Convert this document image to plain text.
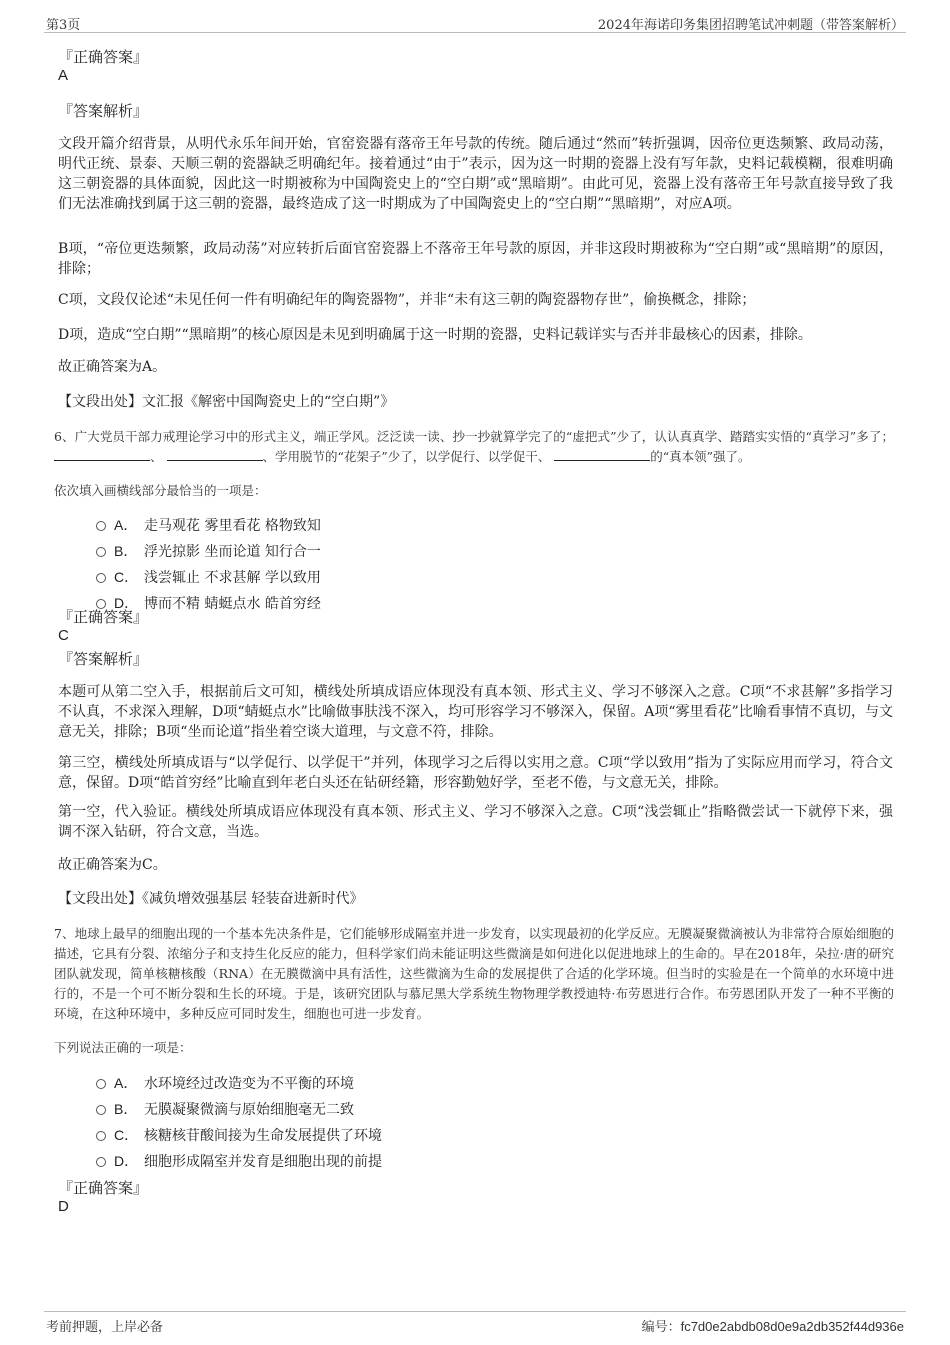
第3页	2024年海诺印务集团招聘笔试冲刺题（带答案解析）
『正确答案』
A
『答案解析』
文段开篇介绍背景，从明代永乐年间开始，官窑瓷器有落帝王年号款的传统。随后通过“然而”转折强调，因帝位更迭频繁、政局动荡，明代正统、景泰、天顺三朝的瓷器缺乏明确纪年。接着通过“由于”表示，因为这一时期的瓷器上没有写年款，史料记载模糊，很难明确这三朝瓷器的具体面貌，因此这一时期被称为中国陶瓷史上的“空白期”或“黑暗期”。由此可见，瓷器上没有落帝王年号款直接导致了我们无法准确找到属于这三朝的瓷器，最终造成了这一时期成为了中国陶瓷史上的“空白期”“黑暗期”，对应A项。
B项，“帝位更迭频繁，政局动荡”对应转折后面官窑瓷器上不落帝王年号款的原因，并非这段时期被称为“空白期”或“黑暗期”的原因，排除；
C项，文段仅论述“未见任何一件有明确纪年的陶瓷器物”，并非“未有这三朝的陶瓷器物存世”，偷换概念，排除；
D项，造成“空白期”“黑暗期”的核心原因是未见到明确属于这一时期的瓷器，史料记载详实与否并非最核心的因素，排除。
故正确答案为A。
【文段出处】文汇报《解密中国陶瓷史上的“空白期”》
6、广大党员干部力戒理论学习中的形式主义，端正学风。泛泛读一读、抄一抄就算学完了的“虚把式”少了，认认真真学、踏踏实实悟的“真学习”多了； 、	、学用脱节的“花架子”少了，以学促行、以学促干、	的“真本领”强了。
依次填入画横线部分最恰当的一项是：
A． 走马观花 雾里看花 格物致知
B． 浮光掠影 坐而论道 知行合一
C． 浅尝辄止 不求甚解 学以致用
D． 博而不精 蜻蜓点水 皓首穷经
『正确答案』
C
『答案解析』
本题可从第二空入手，根据前后文可知，横线处所填成语应体现没有真本领、形式主义、学习不够深入之意。C项“不求甚解”多指学习不认真，不求深入理解，D项“蜻蜓点水”比喻做事肤浅不深入，均可形容学习不够深入，保留。A项“雾里看花”比喻看事情不真切，与文意无关，排除；B项“坐而论道”指坐着空谈大道理，与文意不符，排除。
第三空，横线处所填成语与“以学促行、以学促干”并列，体现学习之后得以实用之意。C项“学以致用”指为了实际应用而学习，符合文意，保留。D项“皓首穷经”比喻直到年老白头还在钻研经籍，形容勤勉好学，至老不倦，与文意无关，排除。
第一空，代入验证。横线处所填成语应体现没有真本领、形式主义、学习不够深入之意。C项“浅尝辄止”指略微尝试一下就停下来，强调不深入钻研，符合文意，当选。
故正确答案为C。
【文段出处】《减负增效强基层 轻装奋进新时代》
7、地球上最早的细胞出现的一个基本先决条件是，它们能够形成隔室并进一步发育，以实现最初的化学反应。无膜凝聚微滴被认为非常符合原始细胞的描述，它具有分裂、浓缩分子和支持生化反应的能力，但科学家们尚未能证明这些微滴是如何进化以促进地球上的生命的。早在2018年，朵拉·唐的研究团队就发现，简单核糖核酸（RNA）在无膜微滴中具有活性，这些微滴为生命的发展提供了合适的化学环境。但当时的实验是在一个简单的水环境中进行的，不是一个可不断分裂和生长的环境。于是，该研究团队与慕尼黑大学系统生物物理学教授迪特·布劳恩进行合作。布劳恩团队开发了一种不平衡的环境，在这种环境中，多种反应可同时发生，细胞也可进一步发育。
下列说法正确的一项是：
A． 水环境经过改造变为不平衡的环境
B． 无膜凝聚微滴与原始细胞毫无二致
C． 核糖核苷酸间接为生命发展提供了环境
D． 细胞形成隔室并发育是细胞出现的前提
『正确答案』
D
考前押题，上岸必备	编号：fc7d0e2abdb08d0e9a2db352f44d936e
